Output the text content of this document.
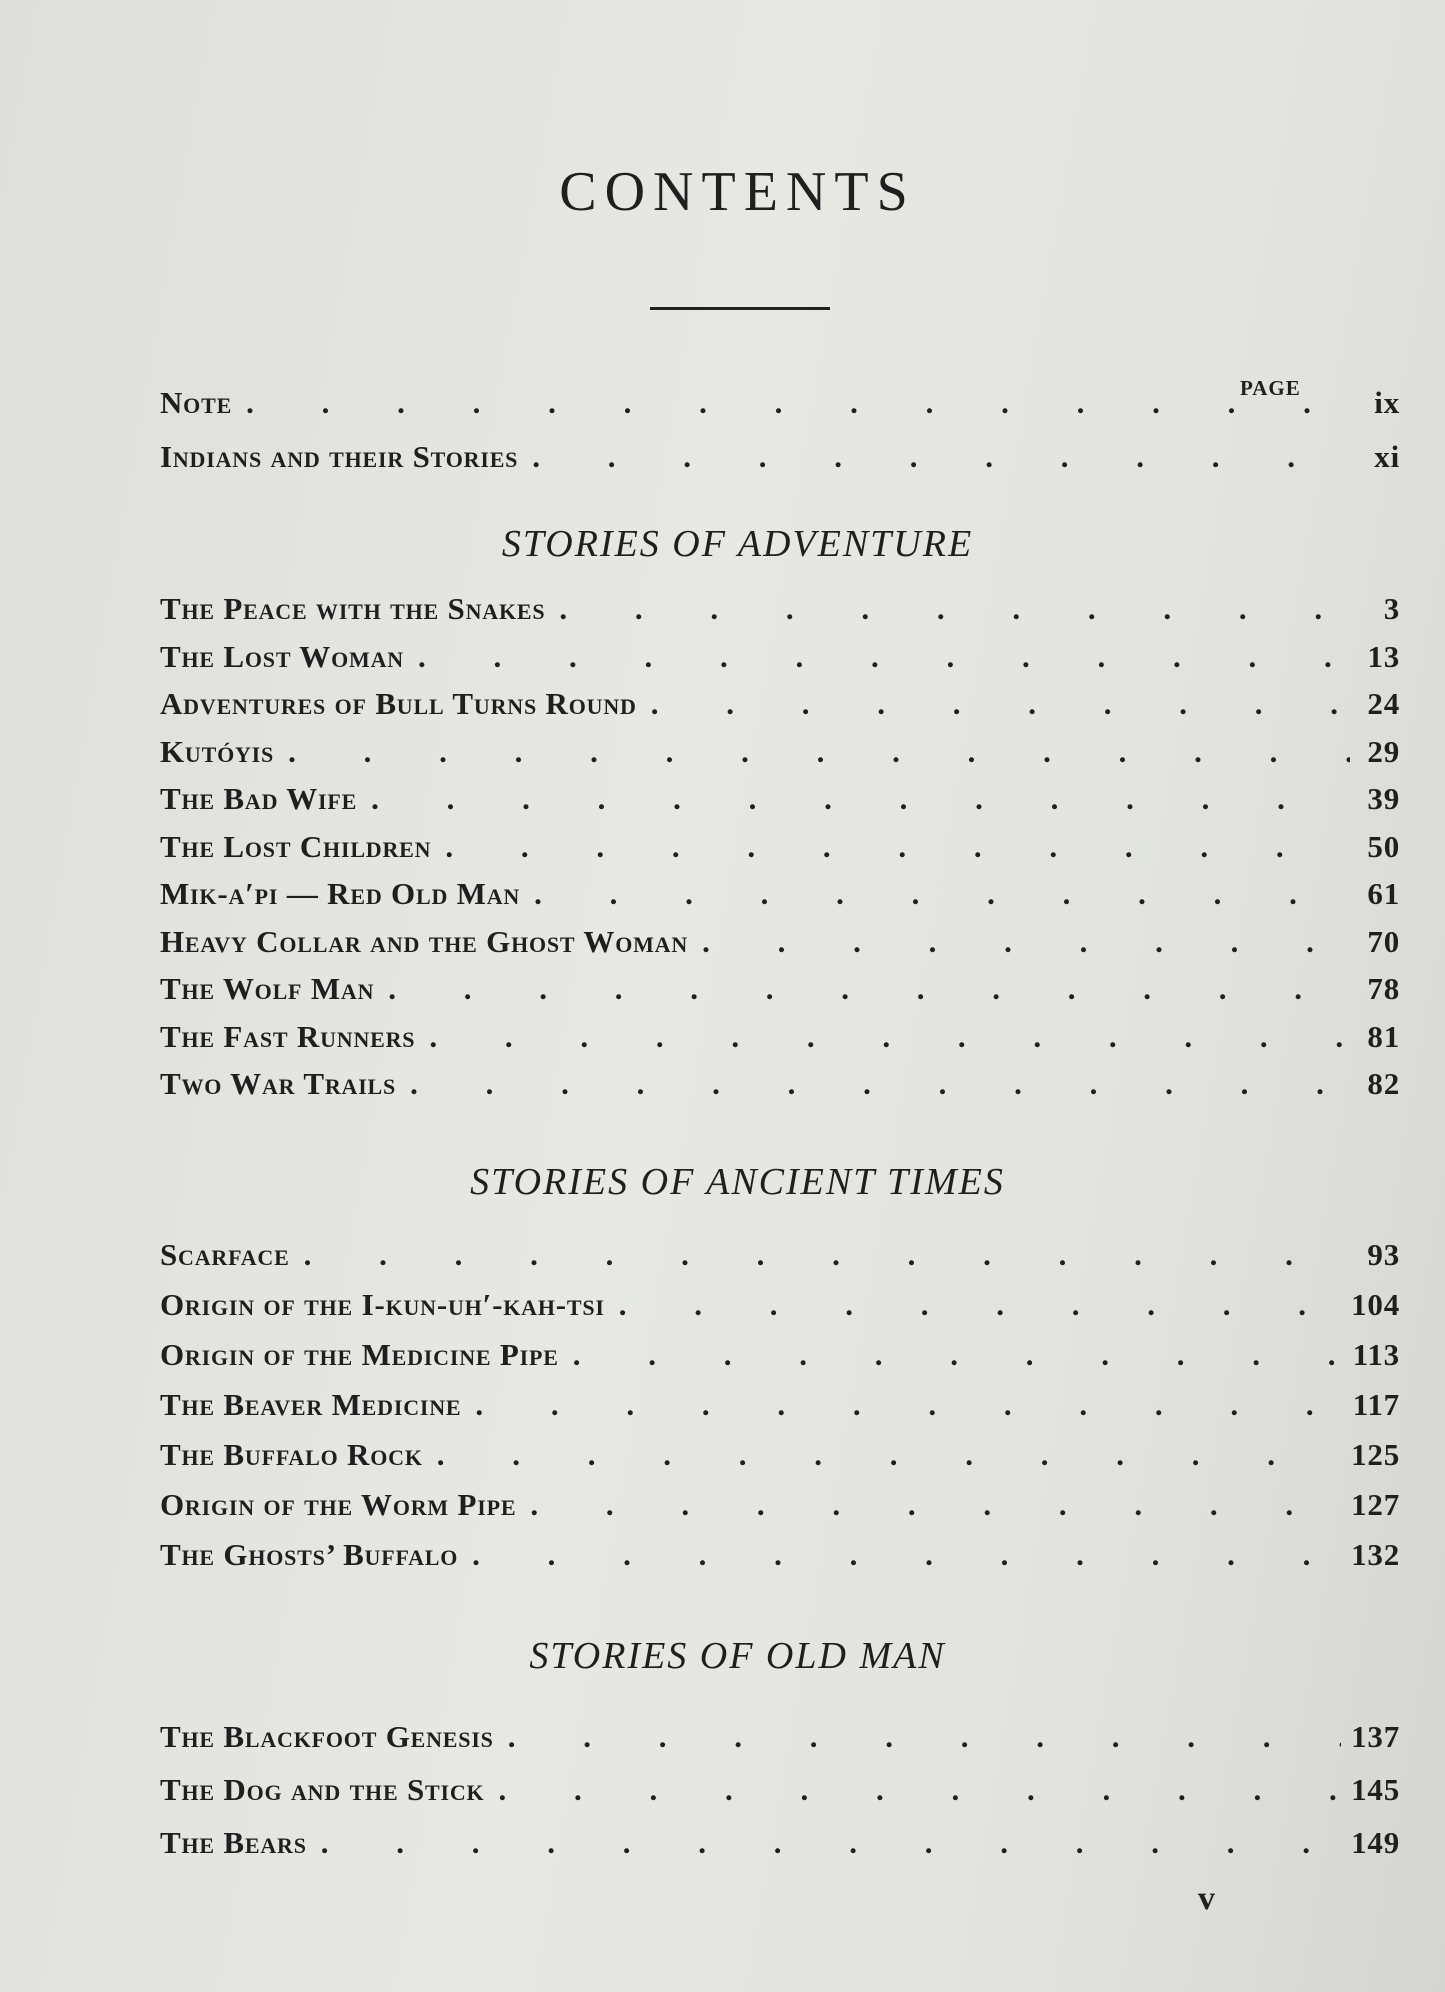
CONTENTS
PAGE
Note . . .	ix
Indians and their Stories . . .	xi
STORIES OF ADVENTURE
The Peace with the Snakes . . .	3
The Lost Woman . . .	13
Adventures of Bull Turns Round . . .	24
Kutóyis . . .	29
The Bad Wife . . .	39
The Lost Children . . .	50
Mik-a′pi — Red Old Man . . .	61
Heavy Collar and the Ghost Woman . . .	70
The Wolf Man . . .	78
The Fast Runners . . .	81
Two War Trails . . .	82
STORIES OF ANCIENT TIMES
Scarface . . .	93
Origin of the I-kun-uh′-kah-tsi . . .	104
Origin of the Medicine Pipe . . .	113
The Beaver Medicine . . .	117
The Buffalo Rock . . .	125
Origin of the Worm Pipe . . .	127
The Ghosts’ Buffalo . . .	132
STORIES OF OLD MAN
The Blackfoot Genesis . . .	137
The Dog and the Stick . . .	145
The Bears . . .	149
v
